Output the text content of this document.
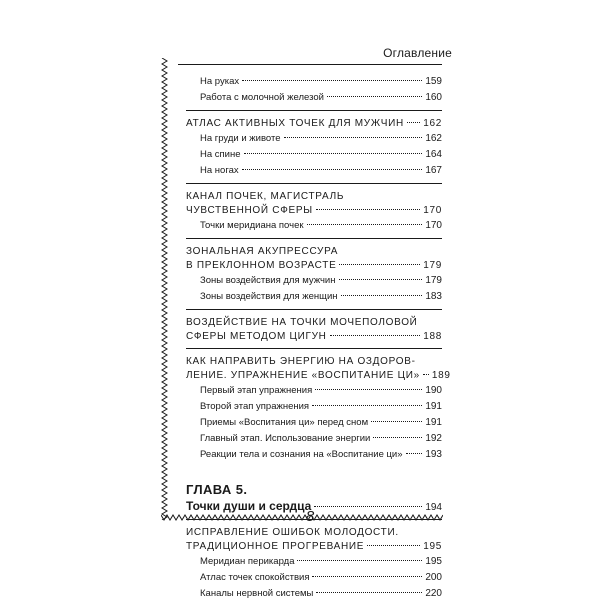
Оглавление
8
На руках	159
Работа с молочной железой	160
АТЛАС АКТИВНЫХ ТОЧЕК ДЛЯ МУЖЧИН 162
На груди и животе	162
На спине	164
На ногах	167
КАНАЛ ПОЧЕК, МАГИСТРАЛЬ
ЧУВСТВЕННОЙ СФЕРЫ	170
Точки меридиана почек	170
ЗОНАЛЬНАЯ АКУПРЕССУРА
В ПРЕКЛОННОМ ВОЗРАСТЕ	179
Зоны воздействия для мужчин	179
Зоны воздействия для женщин	183
ВОЗДЕЙСТВИЕ НА ТОЧКИ МОЧЕПОЛОВОЙ
СФЕРЫ МЕТОДОМ ЦИГУН	188
КАК НАПРАВИТЬ ЭНЕРГИЮ НА ОЗДОРОВ-
ЛЕНИЕ. УПРАЖНЕНИЕ «ВОСПИТАНИЕ ЦИ» 189
Первый этап упражнения	190
Второй этап упражнения	191
Приемы «Воспитания ци» перед сном	191
Главный этап. Использование энергии	192
Реакции тела и сознания на «Воспитание ци» 193
ГЛАВА 5.
Точки души и сердца	194
ИСПРАВЛЕНИЕ ОШИБОК МОЛОДОСТИ.
ТРАДИЦИОННОЕ ПРОГРЕВАНИЕ	195
Меридиан перикарда	195
Атлас точек спокойствия	200
Каналы нервной системы	220
